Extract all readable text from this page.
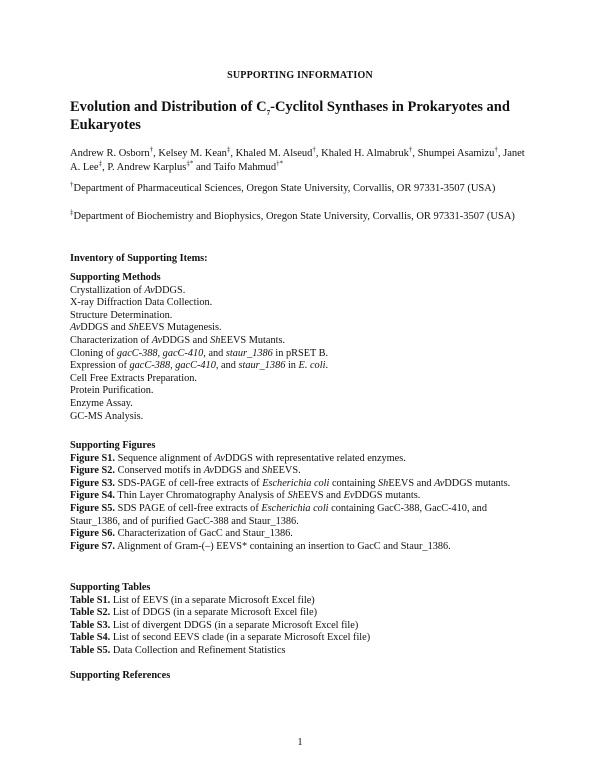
SUPPORTING INFORMATION
Evolution and Distribution of $C_7$-Cyclitol Synthases in Prokaryotes and Eukaryotes
Andrew R. Osborn†, Kelsey M. Kean‡, Khaled M. Alseud†, Khaled H. Almabruk†, Shumpei Asamizu†, Janet A. Lee‡, P. Andrew Karplus‡* and Taifo Mahmud†*
†Department of Pharmaceutical Sciences, Oregon State University, Corvallis, OR 97331-3507 (USA)
‡Department of Biochemistry and Biophysics, Oregon State University, Corvallis, OR 97331-3507 (USA)
Inventory of Supporting Items:
Supporting Methods
Crystallization of AvDDGS.
X-ray Diffraction Data Collection.
Structure Determination.
AvDDGS and ShEEVS Mutagenesis.
Characterization of AvDDGS and ShEEVS Mutants.
Cloning of gacC-388, gacC-410, and staur_1386 in pRSET B.
Expression of gacC-388, gacC-410, and staur_1386 in E. coli.
Cell Free Extracts Preparation.
Protein Purification.
Enzyme Assay.
GC-MS Analysis.
Supporting Figures
Figure S1. Sequence alignment of AvDDGS with representative related enzymes.
Figure S2. Conserved motifs in AvDDGS and ShEEVS.
Figure S3. SDS-PAGE of cell-free extracts of Escherichia coli containing ShEEVS and AvDDGS mutants.
Figure S4. Thin Layer Chromatography Analysis of ShEEVS and EvDDGS mutants.
Figure S5. SDS PAGE of cell-free extracts of Escherichia coli containing GacC-388, GacC-410, and Staur_1386, and of purified GacC-388 and Staur_1386.
Figure S6. Characterization of GacC and Staur_1386.
Figure S7. Alignment of Gram-(–) EEVS* containing an insertion to GacC and Staur_1386.
Supporting Tables
Table S1. List of EEVS (in a separate Microsoft Excel file)
Table S2. List of DDGS (in a separate Microsoft Excel file)
Table S3. List of divergent DDGS (in a separate Microsoft Excel file)
Table S4. List of second EEVS clade (in a separate Microsoft Excel file)
Table S5. Data Collection and Refinement Statistics
Supporting References
1
